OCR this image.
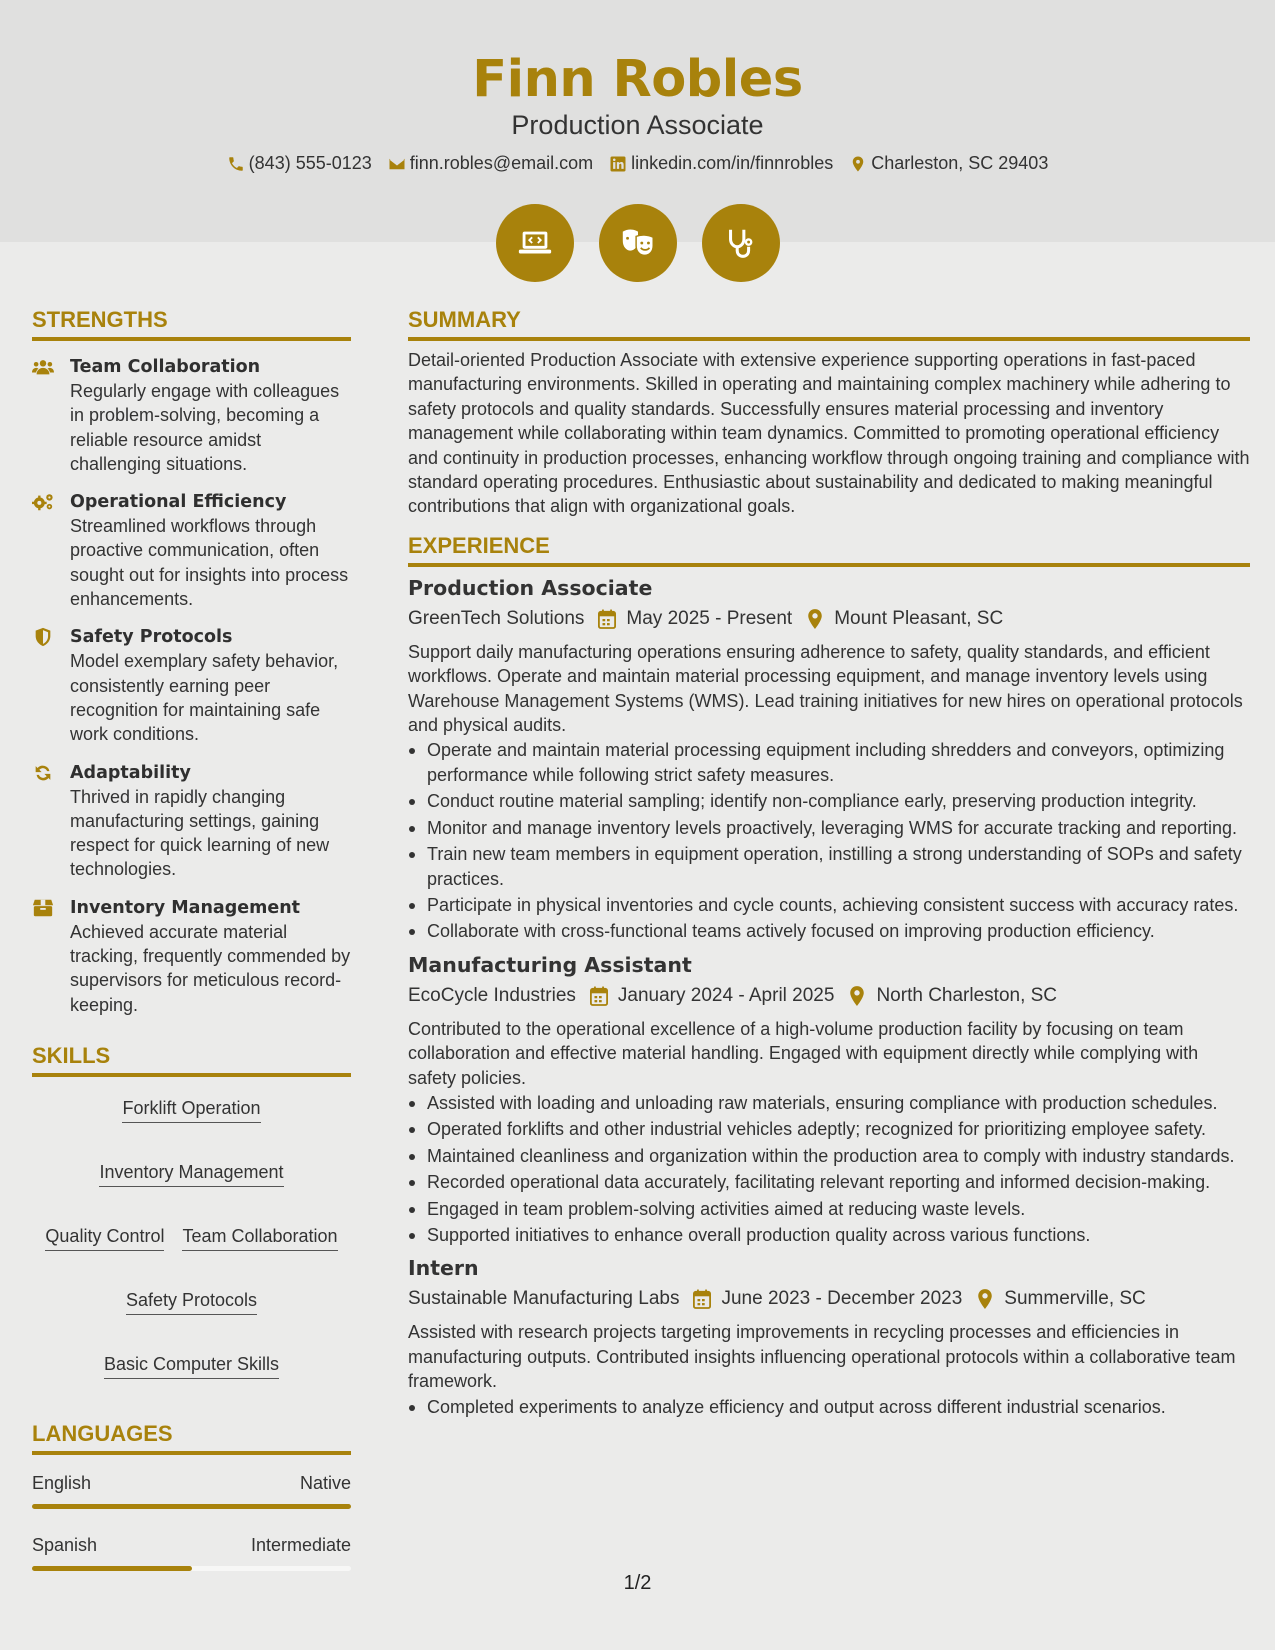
Finn Robles
Production Associate
(843) 555-0123 finn.robles@email.com linkedin.com/in/finnrobles Charleston, SC 29403
STRENGTHS
Team Collaboration
Regularly engage with colleagues in problem-solving, becoming a reliable resource amidst challenging situations.
Operational Efficiency
Streamlined workflows through proactive communication, often sought out for insights into process enhancements.
Safety Protocols
Model exemplary safety behavior, consistently earning peer recognition for maintaining safe work conditions.
Adaptability
Thrived in rapidly changing manufacturing settings, gaining respect for quick learning of new technologies.
Inventory Management
Achieved accurate material tracking, frequently commended by supervisors for meticulous record-keeping.
SKILLS
Forklift Operation
Inventory Management
Quality Control Team Collaboration
Safety Protocols
Basic Computer Skills
LANGUAGES
English	Native
Spanish	Intermediate
SUMMARY
Detail-oriented Production Associate with extensive experience supporting operations in fast-paced manufacturing environments. Skilled in operating and maintaining complex machinery while adhering to safety protocols and quality standards. Successfully ensures material processing and inventory management while collaborating within team dynamics. Committed to promoting operational efficiency and continuity in production processes, enhancing workflow through ongoing training and compliance with standard operating procedures. Enthusiastic about sustainability and dedicated to making meaningful contributions that align with organizational goals.
EXPERIENCE
Production Associate
GreenTech Solutions May 2025 - Present Mount Pleasant, SC
Support daily manufacturing operations ensuring adherence to safety, quality standards, and efficient workflows. Operate and maintain material processing equipment, and manage inventory levels using Warehouse Management Systems (WMS). Lead training initiatives for new hires on operational protocols and physical audits.
Operate and maintain material processing equipment including shredders and conveyors, optimizing performance while following strict safety measures.
Conduct routine material sampling; identify non-compliance early, preserving production integrity.
Monitor and manage inventory levels proactively, leveraging WMS for accurate tracking and reporting.
Train new team members in equipment operation, instilling a strong understanding of SOPs and safety practices.
Participate in physical inventories and cycle counts, achieving consistent success with accuracy rates.
Collaborate with cross-functional teams actively focused on improving production efficiency.
Manufacturing Assistant
EcoCycle Industries January 2024 - April 2025 North Charleston, SC
Contributed to the operational excellence of a high-volume production facility by focusing on team collaboration and effective material handling. Engaged with equipment directly while complying with safety policies.
Assisted with loading and unloading raw materials, ensuring compliance with production schedules.
Operated forklifts and other industrial vehicles adeptly; recognized for prioritizing employee safety.
Maintained cleanliness and organization within the production area to comply with industry standards.
Recorded operational data accurately, facilitating relevant reporting and informed decision-making.
Engaged in team problem-solving activities aimed at reducing waste levels.
Supported initiatives to enhance overall production quality across various functions.
Intern
Sustainable Manufacturing Labs June 2023 - December 2023 Summerville, SC
Assisted with research projects targeting improvements in recycling processes and efficiencies in manufacturing outputs. Contributed insights influencing operational protocols within a collaborative team framework.
Completed experiments to analyze efficiency and output across different industrial scenarios.
1/2
